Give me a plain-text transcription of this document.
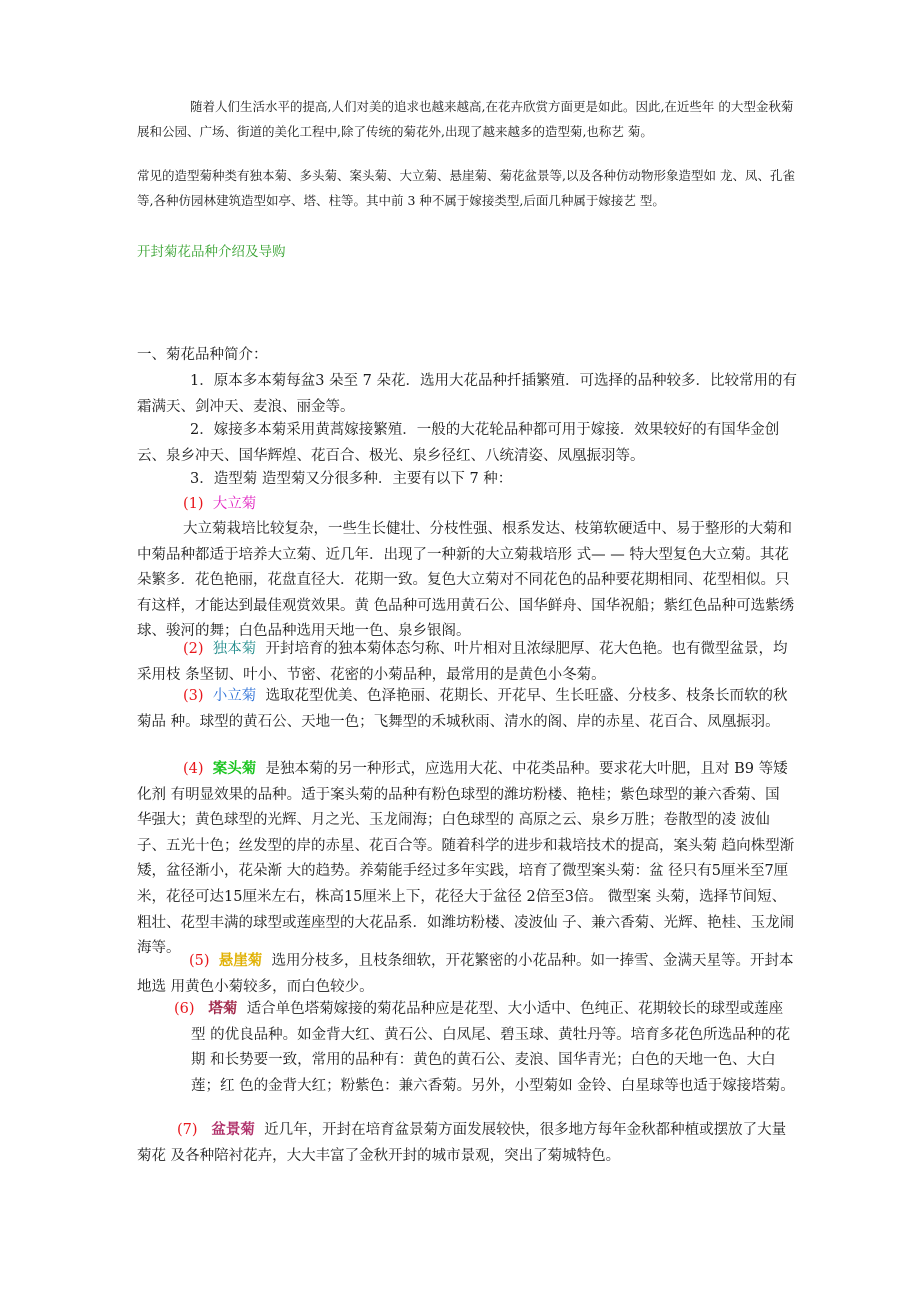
随着人们生活水平的提高,人们对美的追求也越来越高,在花卉欣赏方面更是如此。因此,在近些年 的大型金秋菊展和公园、广场、街道的美化工程中,除了传统的菊花外,出现了越来越多的造型菊,也称艺 菊。
常见的造型菊种类有独本菊、多头菊、案头菊、大立菊、悬崖菊、菊花盆景等,以及各种仿动物形象造型如 龙、凤、孔雀等,各种仿园林建筑造型如亭、塔、柱等。其中前 3 种不属于嫁接类型,后面几种属于嫁接艺 型。
开封菊花品种介绍及导购
一、菊花品种简介：
1．原本多本菊每盆3 朵至 7 朵花．选用大花品种扦插繁殖．可选择的品种较多．比较常用的有霜满天、剑冲天、麦浪、丽金等。
2．嫁接多本菊采用黄蒿嫁接繁殖．一般的大花轮品种都可用于嫁接．效果较好的有国华金创云、泉乡冲天、国华辉煌、花百合、极光、泉乡径红、八统清姿、凤凰振羽等。
3．造型菊 造型菊又分很多种．主要有以下 7 种：
(1) 大立菊
大立菊栽培比较复杂，一些生长健壮、分枝性强、根系发达、枝第软硬适中、易于整形的大菊和中菊品种都适于培养大立菊、近几年．出现了一种新的大立菊栽培形 式— — 特大型复色大立菊。其花朵繁多．花色艳丽，花盘直径大．花期一致。复色大立菊对不同花色的品种要花期相同、花型相似。只有这样，才能达到最佳观赏效果。黄 色品种可选用黄石公、国华鲜舟、国华祝船；紫红色品种可选紫绣球、骏河的舞；白色品种选用天地一色、泉乡银阁。
(2) 独本菊 开封培育的独本菊体态匀称、叶片相对且浓绿肥厚、花大色艳。也有微型盆景，均采用枝 条坚韧、叶小、节密、花密的小菊品种，最常用的是黄色小冬菊。
(3) 小立菊 选取花型优美、色泽艳丽、花期长、开花早、生长旺盛、分枝多、枝条长而软的秋菊品 种。球型的黄石公、天地一色；飞舞型的禾城秋雨、清水的阁、岸的赤星、花百合、凤凰振羽。
(4) 案头菊 是独本菊的另一种形式，应选用大花、中花类品种。要求花大叶肥，且对 B9 等矮化剂 有明显效果的品种。适于案头菊的品种有粉色球型的潍坊粉楼、艳桂；紫色球型的兼六香菊、国 华强大；黄色球型的光辉、月之光、玉龙闹海；白色球型的 高原之云、泉乡万胜；卷散型的凌 波仙子、五光十色；丝发型的岸的赤星、花百合等。随着科学的进步和栽培技术的提高，案头菊 趋向株型渐矮，盆径渐小，花朵渐 大的趋势。养菊能手经过多年实践，培育了微型案头菊：盆 径只有5厘米至7厘米，花径可达15厘米左右，株高15厘米上下，花径大于盆径 2倍至3倍。 微型案 头菊，选择节间短、粗壮、花型丰满的球型或莲座型的大花品系．如潍坊粉楼、凌波仙 子、兼六香菊、光辉、艳桂、玉龙闹海等。
(5) 悬崖菊 选用分枝多，且枝条细软，开花繁密的小花品种。如一捧雪、金满天星等。开封本地选 用黄色小菊较多，而白色较少。
(6) 塔菊 适合单色塔菊嫁接的菊花品种应是花型、大小适中、色纯正、花期较长的球型或莲座型 的优良品种。如金背大红、黄石公、白凤尾、碧玉球、黄牡丹等。培育多花色所选品种的花期 和长势要一致，常用的品种有：黄色的黄石公、麦浪、国华青光；白色的天地一色、大白莲；红 色的金背大红；粉紫色：兼六香菊。另外，小型菊如 金铃、白星球等也适于嫁接塔菊。
(7) 盆景菊 近几年，开封在培育盆景菊方面发展较快，很多地方每年金秋都种植或摆放了大量菊花 及各种陪衬花卉，大大丰富了金秋开封的城市景观，突出了菊城特色。
